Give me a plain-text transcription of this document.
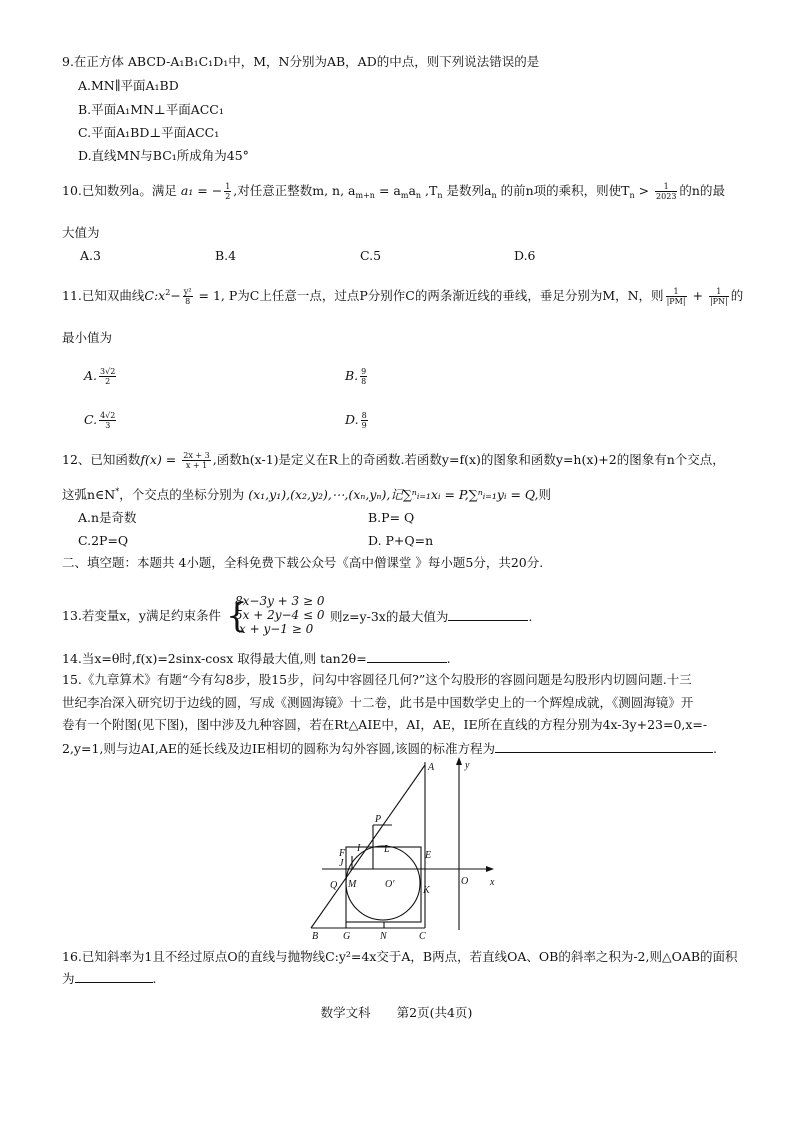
9.在正方体 ABCD-A₁B₁C₁D₁中，M，N分别为AB，AD的中点，则下列说法错误的是
A.MN∥平面A₁BD
B.平面A₁MN⊥平面ACC₁
C.平面A₁BD⊥平面ACC₁
D.直线MN与BC₁所成角为45°
10.已知数列a。满足 a₁ = − $\frac{1}{2}$ ,对任意正整数m, n, $a_{m+n} = a_ma_n$ $,T_n$ 是数列$a_n$ 的前n项的乘积，则使$T_n > \frac{1}{2023}$ 的n的最
大值为
A.3	B.4	C.5	D.6
11.已知双曲线$C:x^2- \frac{\text{y²}}{8} = 1$, P为C上任意一点，过点P分别作C的两条渐近线的垂线，垂足分别为M，N，则 $\frac{1}{|PM|} + \frac{1}{|PN|}$ 的
最小值为
A. $\frac{3√2}{2}$	B. $\frac{9}{8}$
C. $\frac{4√2}{3}$	D. $\frac{8}{9}$
12、已知函数$f(x) = \frac{2x + 3}{x + 1}$ ,函数h(x-1)是定义在R上的奇函数.若函数y=f(x)的图象和函数y=h(x)+2的图象有n个交点，
这弧n∈N*，个交点的坐标分别为 (x₁,y₁),(x₂,y₂),⋯,(xₙ,yₙ),记∑ⁿᵢ₌₁xᵢ = P,∑ⁿᵢ₌₁yᵢ = Q,则
A.n是奇数	B.P= Q
C.2P=Q	D. P+Q=n
二、填空题：本题共 4小题，全科免费下载公众号《高中僧课堂 》每小题5分，共20分.
13.若变量x，y满足约束条件 {
8x−3y + 3 ≥ 0
5x + 2y−4 ≤ 0
x + y−1 ≥ 0
则z=y-3x的最大值为	.
14.当x=θ时,f(x)=2sinx-cosx 取得最大值,则 tan2θ=	.
15.《九章算术》有题“今有勾8步，股15步，问勾中容圆径几何?”这个勾股形的容圆问题是勾股形内切圆问题.十三
世纪李冶深入研究切于边线的圆，写成《测圆海镜》十二卷，此书是中国数学史上的一个辉煌成就，《测圆海镜》开
卷有一个附图(见下图)，图中涉及九种容圆，若在Rt△AIE中，AI，AE，IE所在直线的方程分别为4x-3y+23=0,x=-
2,y=1,则与边AI,AE的延长线及边IE相切的圆称为勾外容圆,该圆的标准方程为	.
A	y
P
F I L
E
J
Q M	O′
K
O x
B G	N	C
16.已知斜率为1且不经过原点O的直线与抛物线C:y²=4x交于A，B两点，若直线OA、OB的斜率之积为-2,则△OAB的面积
为	.
数学文科 第2页(共4页)
